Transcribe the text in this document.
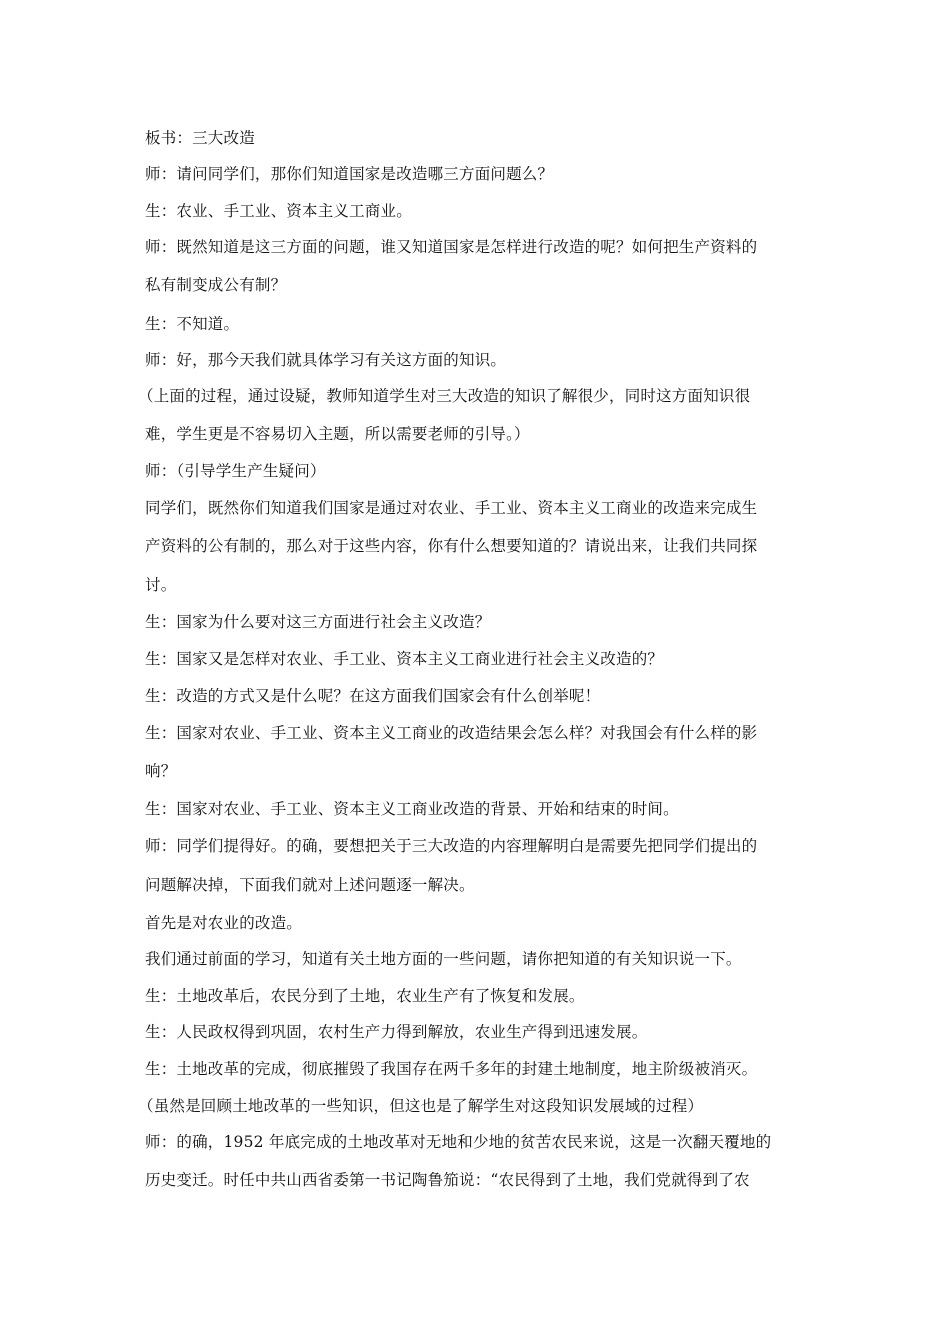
板书：三大改造
师：请问同学们，那你们知道国家是改造哪三方面问题么？
生：农业、手工业、资本主义工商业。
师：既然知道是这三方面的问题，谁又知道国家是怎样进行改造的呢？如何把生产资料的
私有制变成公有制？
生：不知道。
师：好，那今天我们就具体学习有关这方面的知识。
（上面的过程，通过设疑，教师知道学生对三大改造的知识了解很少，同时这方面知识很
难，学生更是不容易切入主题，所以需要老师的引导。）
师：（引导学生产生疑问）
同学们，既然你们知道我们国家是通过对农业、手工业、资本主义工商业的改造来完成生
产资料的公有制的，那么对于这些内容，你有什么想要知道的？请说出来，让我们共同探
讨。
生：国家为什么要对这三方面进行社会主义改造？
生：国家又是怎样对农业、手工业、资本主义工商业进行社会主义改造的？
生：改造的方式又是什么呢？在这方面我们国家会有什么创举呢！
生：国家对农业、手工业、资本主义工商业的改造结果会怎么样？对我国会有什么样的影
响？
生：国家对农业、手工业、资本主义工商业改造的背景、开始和结束的时间。
师：同学们提得好。的确，要想把关于三大改造的内容理解明白是需要先把同学们提出的
问题解决掉，下面我们就对上述问题逐一解决。
首先是对农业的改造。
我们通过前面的学习，知道有关土地方面的一些问题，请你把知道的有关知识说一下。
生：土地改革后，农民分到了土地，农业生产有了恢复和发展。
生：人民政权得到巩固，农村生产力得到解放，农业生产得到迅速发展。
生：土地改革的完成，彻底摧毁了我国存在两千多年的封建土地制度，地主阶级被消灭。
（虽然是回顾土地改革的一些知识，但这也是了解学生对这段知识发展域的过程）
师：的确，1952 年底完成的土地改革对无地和少地的贫苦农民来说，这是一次翻天覆地的
历史变迁。时任中共山西省委第一书记陶鲁笳说：“农民得到了土地，我们党就得到了农
